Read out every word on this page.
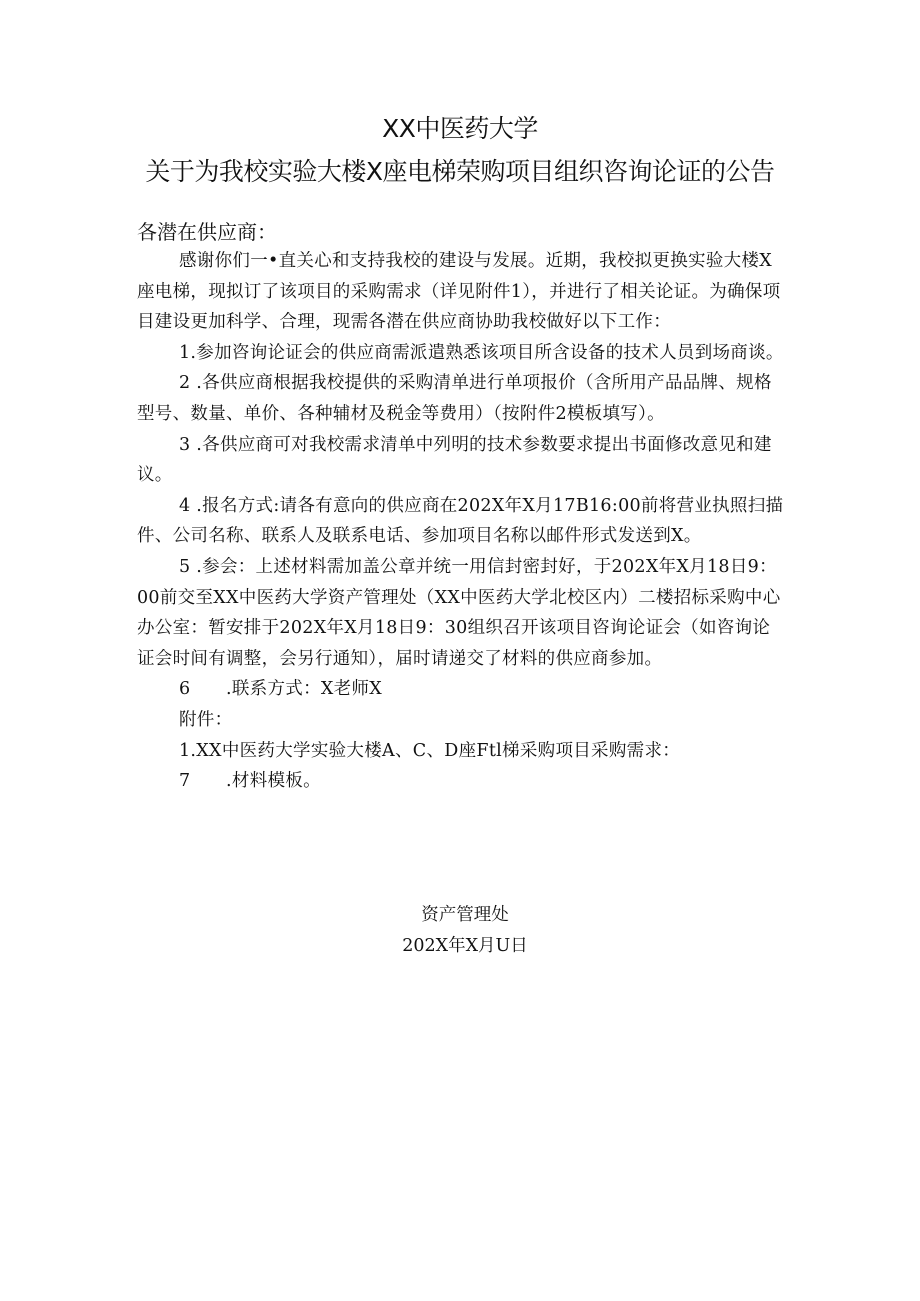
XX中医药大学
关于为我校实验大楼X座电梯荣购项目组织咨询论证的公告
各潜在供应商：

感谢你们一•直关心和支持我校的建设与发展。近期，我校拟更换实验大楼X座电梯，现拟订了该项目的采购需求（详见附件1），并进行了相关论证。为确保项目建设更加科学、合理，现需各潜在供应商协助我校做好以下工作：

1.参加咨询论证会的供应商需派遣熟悉该项目所含设备的技术人员到场商谈。

2 .各供应商根据我校提供的采购清单进行单项报价（含所用产品品牌、规格型号、数量、单价、各种辅材及税金等费用）（按附件2模板填写）。

3 .各供应商可对我校需求清单中列明的技术参数要求提出书面修改意见和建议。

4 .报名方式:请各有意向的供应商在202X年X月17B16:00前将营业执照扫描件、公司名称、联系人及联系电话、参加项目名称以邮件形式发送到X。

5 .参会：上述材料需加盖公章并统一用信封密封好，于202X年X月18日9：00前交至XX中医药大学资产管理处（XX中医药大学北校区内）二楼招标采购中心办公室：暂安排于202X年X月18日9：30组织召开该项目咨询论证会（如咨询论证会时间有调整，会另行通知），届时请递交了材料的供应商参加。

6　　.联系方式：X老师X

附件：

1.XX中医药大学实验大楼A、C、D座Ftl梯采购项目采购需求：

7　　.材料模板。

资产管理处
202X年X月U日
